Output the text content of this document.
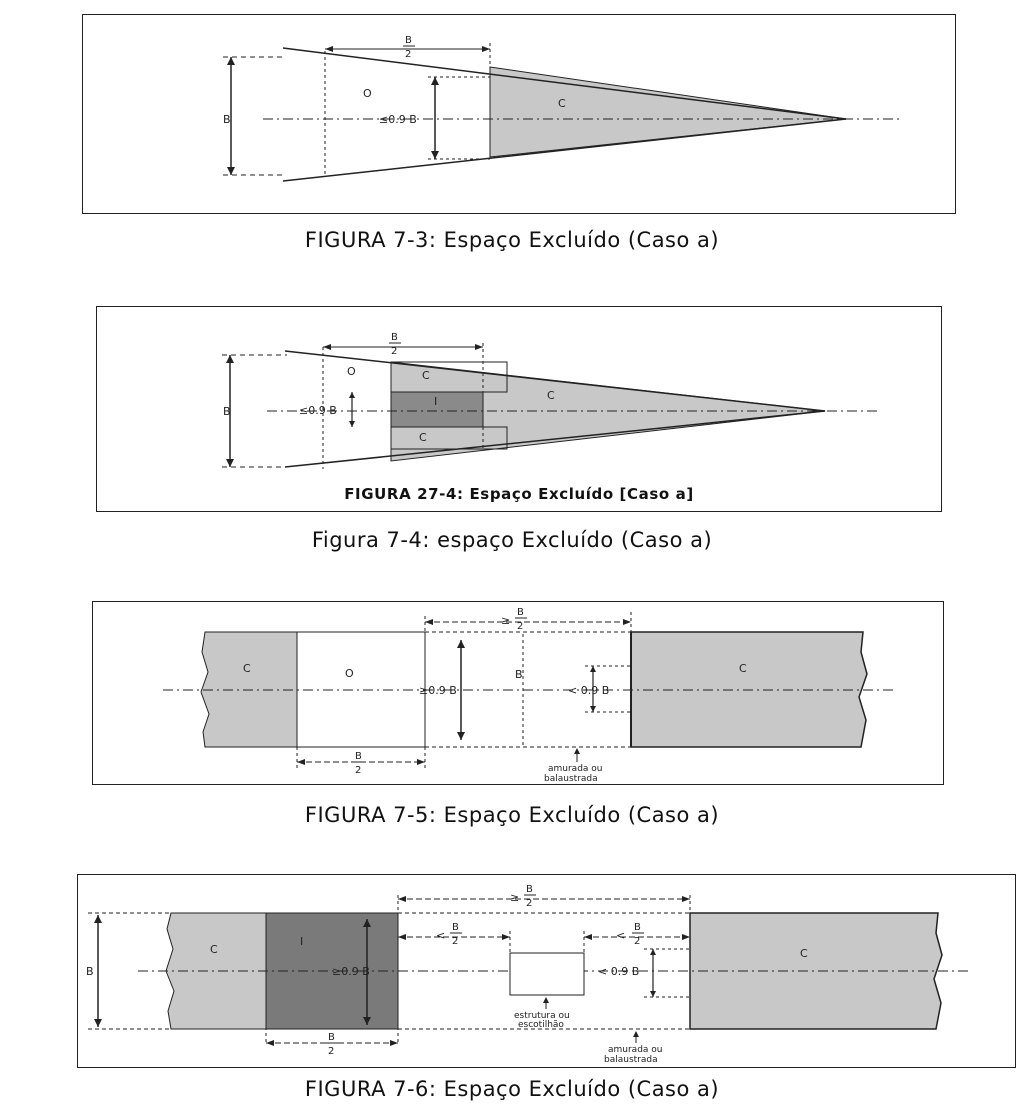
B
B
2
≤0.9 B
O
C
FIGURA 7-3: Espaço Excluído (Caso a)
B
B
2
≤0.9 B
O	C
I
C
C
FIGURA 27-4: Espaço Excluído [Caso a]
Figura 7-4: espaço Excluído (Caso a)
≥
B
2
≥0.9 B
B
< 0.9 B
B
2	amurada ou
balaustrada
C	O	C
FIGURA 7-5: Espaço Excluído (Caso a)
B
≥
B
2
≥0.9 B
<
B
2	<
B
2
< 0.9 B
estrutura ou
escotilhão
B
2	amurada ou
balaustrada
C
I
C
FIGURA 7-6: Espaço Excluído (Caso a)
